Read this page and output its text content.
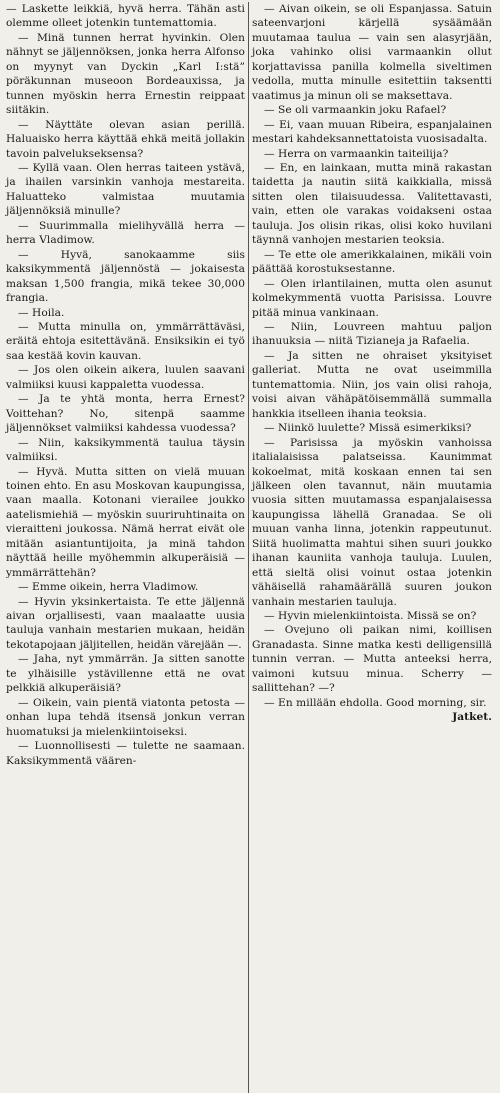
— Laskette leikkiä, hyvä herra. Tähän asti olemme olleet jotenkin tuntemattomia.

— Minä tunnen herrat hyvinkin. Olen nähnyt se jäljennöksen, jonka herra Alfonso on myynyt van Dyckin „Karl I:stä” pöräkunnan museoon Bordeauxissa, ja tunnen myöskin herra Ernestin reippaat siitäkin.

— Näyttäte olevan asian perillä. Haluaisko herra käyttää ehkä meitä jollakin tavoin palvelukseksensa?

— Kyllä vaan. Olen herras taiteen ystävä, ja ihailen varsinkin vanhoja mestareita. Haluatteko valmistaa muutamia jäljennöksiä minulle?

— Suurimmalla mielihyvällä herra — herra Vladimow.

— Hyvä, sanokaamme siis kaksikymmentä jäljennöstä — jokaisesta maksan 1,500 frangia, mikä tekee 30,000 frangia.

— Hoila.

— Mutta minulla on, ymmärrättäväsi, eräitä ehtoja esitettävänä. Ensiksikin ei työ saa kestää kovin kauvan.

— Jos olen oikein aikera, luulen saavani valmiiksi kuusi kappaletta vuodessa.

— Ja te yhtä monta, herra Ernest? Voittehan? No, sitenpä saamme jäljennökset valmiiksi kahdessa vuodessa?

— Niin, kaksikymmentä taulua täysin valmiiksi.

— Hyvä. Mutta sitten on vielä muuan toinen ehto. En asu Moskovan kaupungissa, vaan maalla. Kotonani vierailee joukko aatelismiehiä — myöskin suuriruhtinaita on vieraitteni joukossa. Nämä herrat eivät ole mitään asiantuntijoita, ja minä tahdon näyttää heille myöhemmin alkuperäisiä — ymmärrättehän?

— Emme oikein, herra Vladimow.

— Hyvin yksinkertaista. Te ette jäljennä aivan orjallisesti, vaan maalaatte uusia tauluja vanhain mestarien mukaan, heidän tekotapojaan jäljitellen, heidän värejään —.

— Jaha, nyt ymmärrän. Ja sitten sanotte te ylhäisille ystävillenne että ne ovat pelkkiä alkuperäisiä?

— Oikein, vain pientä viatonta petosta — onhan lupa tehdä itsensä jonkun verran huomatuksi ja mielenkiintoiseksi.

— Luonnollisesti — tulette ne saamaan. Kaksikymmentä väären-

— Aivan oikein, se oli Espanjassa. Satuin sateenvarjoni kärjellä sysäämään muutamaa taulua — vain sen alasyrjään, joka vahinko olisi varmaankin ollut korjattavissa panilla kolmella siveltimen vedolla, mutta minulle esitettiin taksentti vaatimus ja minun oli se maksettava.

— Se oli varmaankin joku Rafael?

— Ei, vaan muuan Ribeira, espanjalainen mestari kahdeksannettatoista vuosisadalta.

— Herra on varmaankin taiteilija?

— En, en lainkaan, mutta minä rakastan taidetta ja nautin siitä kaikkialla, missä sitten olen tilaisuudessa. Valitettavasti, vain, etten ole varakas voidakseni ostaa tauluja. Jos olisin rikas, olisi koko huvilani täynnä vanhojen mestarien teoksia.

— Te ette ole amerikkalainen, mikäli voin päättää korostuksestanne.

— Olen irlantilainen, mutta olen asunut kolmekymmentä vuotta Parisissa. Louvre pitää minua vankinaan.

— Niin, Louvreen mahtuu paljon ihanuuksia — niitä Tizianeja ja Rafaelia.

— Ja sitten ne ohraiset yksityiset galleriat. Mutta ne ovat useimmilla tuntemattomia. Niin, jos vain olisi rahoja, voisi aivan vähäpätöisemmällä summalla hankkia itselleen ihania teoksia.

— Niinkö luulette? Missä esimerkiksi?

— Parisissa ja myöskin vanhoissa italialaisissa palatseissa. Kaunimmat kokoelmat, mitä koskaan ennen tai sen jälkeen olen tavannut, näin muutamia vuosia sitten muutamassa espanjalaisessa kaupungissa lähellä Granadaa. Se oli muuan vanha linna, jotenkin rappeutunut. Siitä huolimatta mahtui sihen suuri joukko ihanan kauniita vanhoja tauluja. Luulen, että sieltä olisi voinut ostaa jotenkin vähäisellä rahamäärällä suuren joukon vanhain mestarien tauluja.

— Hyvin mielenkiintoista. Missä se on?

— Ovejuno oli paikan nimi, koillisen Granadasta. Sinne matka kesti delligensillä tunnin verran. — Mutta anteeksi herra, vaimoni kutsuu minua. Scherry — sallittehan? —?

— En millään ehdolla. Good morning, sir.

Jatket.
